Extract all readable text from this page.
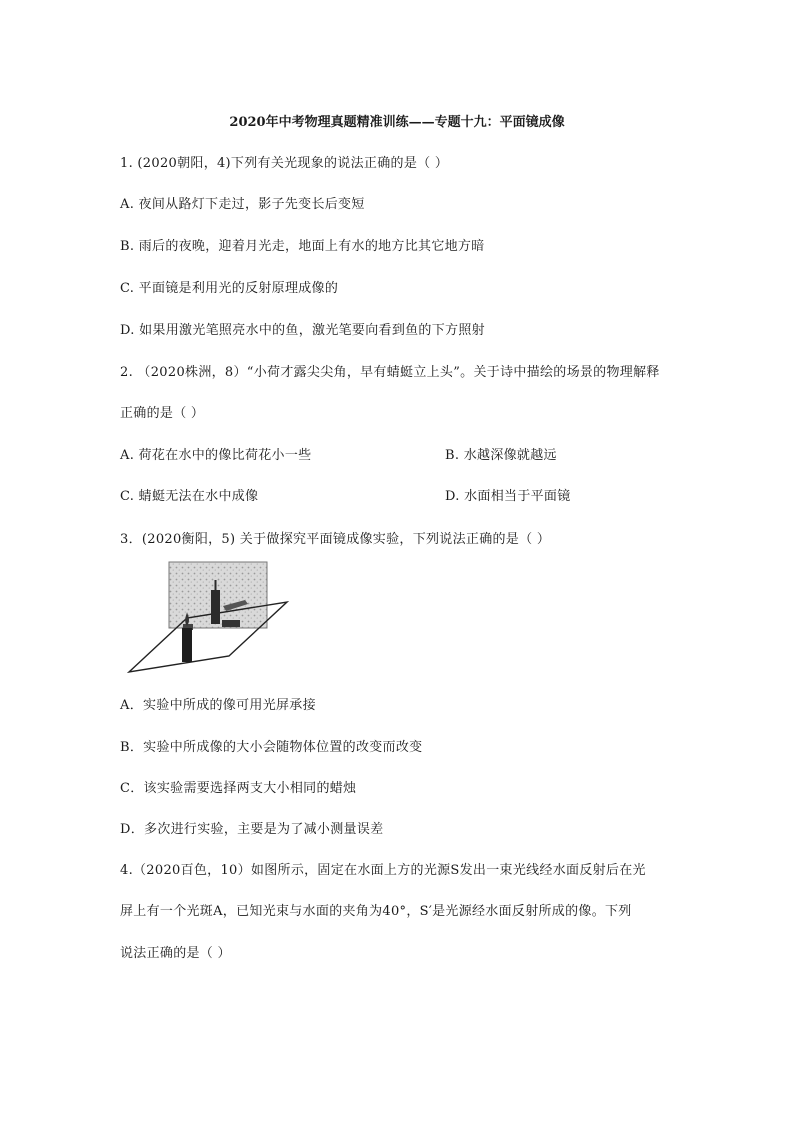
2020年中考物理真题精准训练——专题十九：平面镜成像
1. (2020朝阳，4)下列有关光现象的说法正确的是（ ）
A. 夜间从路灯下走过，影子先变长后变短
B. 雨后的夜晚，迎着月光走，地面上有水的地方比其它地方暗
C. 平面镜是利用光的反射原理成像的
D. 如果用激光笔照亮水中的鱼，激光笔要向看到鱼的下方照射
2. （2020株洲，8）“小荷才露尖尖角，早有蜻蜓立上头”。关于诗中描绘的场景的物理解释
正确的是（ ）
A. 荷花在水中的像比荷花小一些	B. 水越深像就越远
C. 蜻蜓无法在水中成像	D. 水面相当于平面镜
3．(2020衡阳，5) 关于做探究平面镜成像实验，下列说法正确的是（ ）
A．实验中所成的像可用光屏承接
B．实验中所成像的大小会随物体位置的改变而改变
C．该实验需要选择两支大小相同的蜡烛
D．多次进行实验，主要是为了减小测量误差
4.（2020百色，10）如图所示，固定在水面上方的光源S发出一束光线经水面反射后在光
屏上有一个光斑A，已知光束与水面的夹角为40°，S′是光源经水面反射所成的像。下列
说法正确的是（ ）
